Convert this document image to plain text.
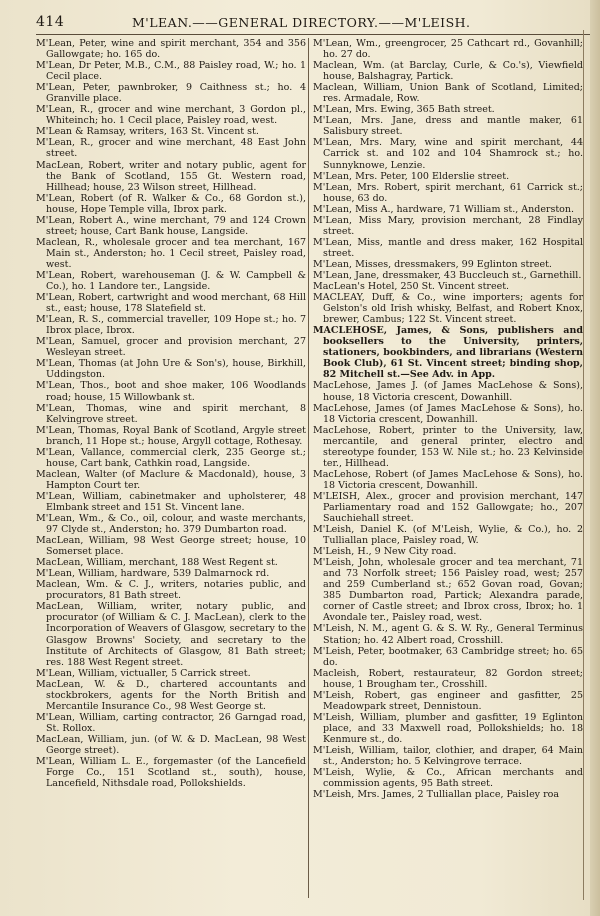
414	M'LEAN.——GENERAL DIRECTORY.——M'LEISH.

M'Lean, Peter, wine and spirit merchant, 354 and 356 Gallowgate; ho. 165 do.

M'Lean, Dr Peter, M.B., C.M., 88 Paisley road, W.; ho. 1 Cecil place.

M'Lean, Peter, pawnbroker, 9 Caithness st.; ho. 4 Granville place.

M'Lean, R., grocer and wine merchant, 3 Gordon pl., Whiteinch; ho. 1 Cecil place, Paisley road, west.

M'Lean & Ramsay, writers, 163 St. Vincent st.

M'Lean, R., grocer and wine merchant, 48 East John street.

MacLean, Robert, writer and notary public, agent for the Bank of Scotland, 155 Gt. Western road, Hillhead; house, 23 Wilson street, Hillhead.

M'Lean, Robert (of R. Walker & Co., 68 Gordon st.), house, Hope Temple villa, Ibrox park.

M'Lean, Robert A., wine merchant, 79 and 124 Crown street; house, Cart Bank house, Langside.

Maclean, R., wholesale grocer and tea merchant, 167 Main st., Anderston; ho. 1 Cecil street, Paisley road, west.

M'Lean, Robert, warehouseman (J. & W. Campbell & Co.), ho. 1 Landore ter., Langside.

M'Lean, Robert, cartwright and wood merchant, 68 Hill st., east; house, 178 Slatefield st.

M'Lean, R. S., commercial traveller, 109 Hope st.; ho. 7 Ibrox place, Ibrox.

M'Lean, Samuel, grocer and provision merchant, 27 Wesleyan street.

M'Lean, Thomas (at John Ure & Son's), house, Birkhill, Uddingston.

M'Lean, Thos., boot and shoe maker, 106 Woodlands road; house, 15 Willowbank st.

M'Lean, Thomas, wine and spirit merchant, 8 Kelvingrove street.

M'Lean, Thomas, Royal Bank of Scotland, Argyle street branch, 11 Hope st.; house, Argyll cottage, Rothesay.

M'Lean, Vallance, commercial clerk, 235 George st.; house, Cart bank, Cathkin road, Langside.

Maclean, Walter (of Maclure & Macdonald), house, 3 Hampton Court ter.

M'Lean, William, cabinetmaker and upholsterer, 48 Elmbank street and 151 St. Vincent lane.

M'Lean, Wm., & Co., oil, colour, and waste merchants, 97 Clyde st., Anderston; ho. 379 Dumbarton road.

MacLean, William, 98 West George street; house, 10 Somerset place.

MacLean, William, merchant, 188 West Regent st.

M'Lean, William, hardware, 539 Dalmarnock rd.

Maclean, Wm. & C. J., writers, notaries public, and procurators, 81 Bath street.

MacLean, William, writer, notary public, and procurator (of William & C. J. MacLean), clerk to the Incorporation of Weavers of Glasgow, secretary to the Glasgow Browns' Society, and secretary to the Institute of Architects of Glasgow, 81 Bath street; res. 188 West Regent street.

M'Lean, William, victualler, 5 Carrick street.

MacLean, W. & D., chartered accountants and stockbrokers, agents for the North British and Mercantile Insurance Co., 98 West George st.

M'Lean, William, carting contractor, 26 Garngad road, St. Rollox.

MacLean, William, jun. (of W. & D. MacLean, 98 West George street).

M'Lean, William L. E., forgemaster (of the Lancefield Forge Co., 151 Scotland st., south), house, Lancefield, Nithsdale road, Pollokshields.

M'Lean, Wm., greengrocer, 25 Cathcart rd., Govanhill; ho. 27 do.

Maclean, Wm. (at Barclay, Curle, & Co.'s), Viewfield house, Balshagray, Partick.

Maclean, William, Union Bank of Scotland, Limited; res. Armadale, Row.

M'Lean, Mrs. Ewing, 365 Bath street.

M'Lean, Mrs. Jane, dress and mantle maker, 61 Salisbury street.

M'Lean, Mrs. Mary, wine and spirit merchant, 44 Carrick st. and 102 and 104 Shamrock st.; ho. Sunnyknowe, Lenzie.

M'Lean, Mrs. Peter, 100 Elderslie street.

M'Lean, Mrs. Robert, spirit merchant, 61 Carrick st.; house, 63 do.

M'Lean, Miss A., hardware, 71 William st., Anderston.

M'Lean, Miss Mary, provision merchant, 28 Findlay street.

M'Lean, Miss, mantle and dress maker, 162 Hospital street.

M'Lean, Misses, dressmakers, 99 Eglinton street.

M'Lean, Jane, dressmaker, 43 Buccleuch st., Garnethill.

MacLean's Hotel, 250 St. Vincent street.

MACLEAY, Duff, & Co., wine importers; agents for Gelston's old Irish whisky, Belfast, and Robert Knox, brewer, Cambus; 122 St. Vincent street.

MACLEHOSE, James, & Sons, publishers and booksellers to the University, printers, stationers, bookbinders, and librarians (Western Book Club), 61 St. Vincent street; binding shop, 82 Mitchell st.—See Adv. in App.

MacLehose, James J. (of James MacLehose & Sons), house, 18 Victoria crescent, Dowanhill.

MacLehose, James (of James MacLehose & Sons), ho. 18 Victoria crescent, Dowanhill.

MacLehose, Robert, printer to the University, law, mercantile, and general printer, electro and stereotype founder, 153 W. Nile st.; ho. 23 Kelvinside ter., Hillhead.

MacLehose, Robert (of James MacLehose & Sons), ho. 18 Victoria crescent, Dowanhill.

M'LEISH, Alex., grocer and provision merchant, 147 Parliamentary road and 152 Gallowgate; ho., 207 Sauchiehall street.

M'Leish, Daniel K. (of M'Leish, Wylie, & Co.), ho. 2 Tulliallan place, Paisley road, W.

M'Leish, H., 9 New City road.

M'Leish, John, wholesale grocer and tea merchant, 71 and 73 Norfolk street; 156 Paisley road, west; 257 and 259 Cumberland st.; 652 Govan road, Govan; 385 Dumbarton road, Partick; Alexandra parade, corner of Castle street; and Ibrox cross, Ibrox; ho. 1 Avondale ter., Paisley road, west.

M'Leish, N. M., agent G. & S. W. Ry., General Terminus Station; ho. 42 Albert road, Crosshill.

M'Leish, Peter, bootmaker, 63 Cambridge street; ho. 65 do.

Macleish, Robert, restaurateur, 82 Gordon street; house, 1 Brougham ter., Crosshill.

M'Leish, Robert, gas engineer and gasfitter, 25 Meadowpark street, Dennistoun.

M'Leish, William, plumber and gasfitter, 19 Eglinton place, and 33 Maxwell road, Pollokshields; ho. 18 Kenmure st., do.

M'Leish, William, tailor, clothier, and draper, 64 Main st., Anderston; ho. 5 Kelvingrove terrace.

M'Leish, Wylie, & Co., African merchants and commission agents, 95 Bath street.

M'Leish, Mrs. James, 2 Tulliallan place, Paisley roa
